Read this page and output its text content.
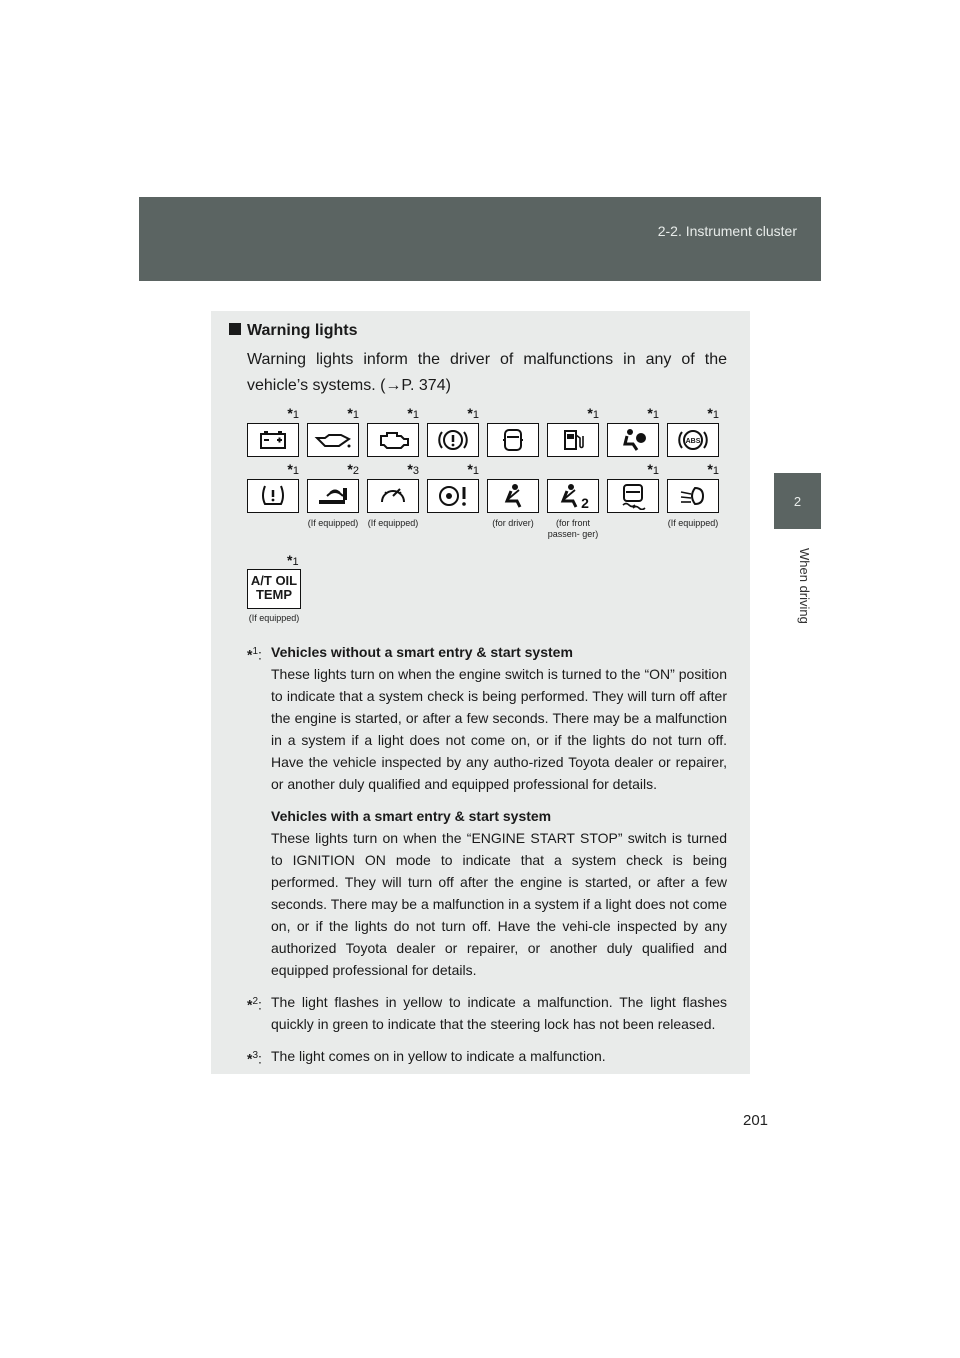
2-2. Instrument cluster
2
When driving
201
Warning lights
Warning lights inform the driver of malfunctions in any of the vehicle’s systems. (→P. 374)
*1	*1	*1	*1	*1	*1	*1
ABS
*1	*2
(If equipped)
*3
(If equipped)
*1
(for driver)
2
(for front passen- ger)
*1	*1
(If equipped)
*1
A/T OIL
TEMP
(If equipped)
*$^1$: Vehicles without a smart entry & start system

These lights turn on when the engine switch is turned to the “ON” position to indicate that a system check is being performed. They will turn off after the engine is started, or after a few seconds. There may be a malfunction in a system if a light does not come on, or if the lights do not turn off. Have the vehicle inspected by any autho-rized Toyota dealer or repairer, or another duly qualified and equipped professional for details.

Vehicles with a smart entry & start system

These lights turn on when the “ENGINE START STOP” switch is turned to IGNITION ON mode to indicate that a system check is being performed. They will turn off after the engine is started, or after a few seconds. There may be a malfunction in a system if a light does not come on, or if the lights do not turn off. Have the vehi-cle inspected by any authorized Toyota dealer or repairer, or another duly qualified and equipped professional for details.

*$^2$: The light flashes in yellow to indicate a malfunction. The light flashes quickly in green to indicate that the steering lock has not been released.

*$^3$: The light comes on in yellow to indicate a malfunction.
